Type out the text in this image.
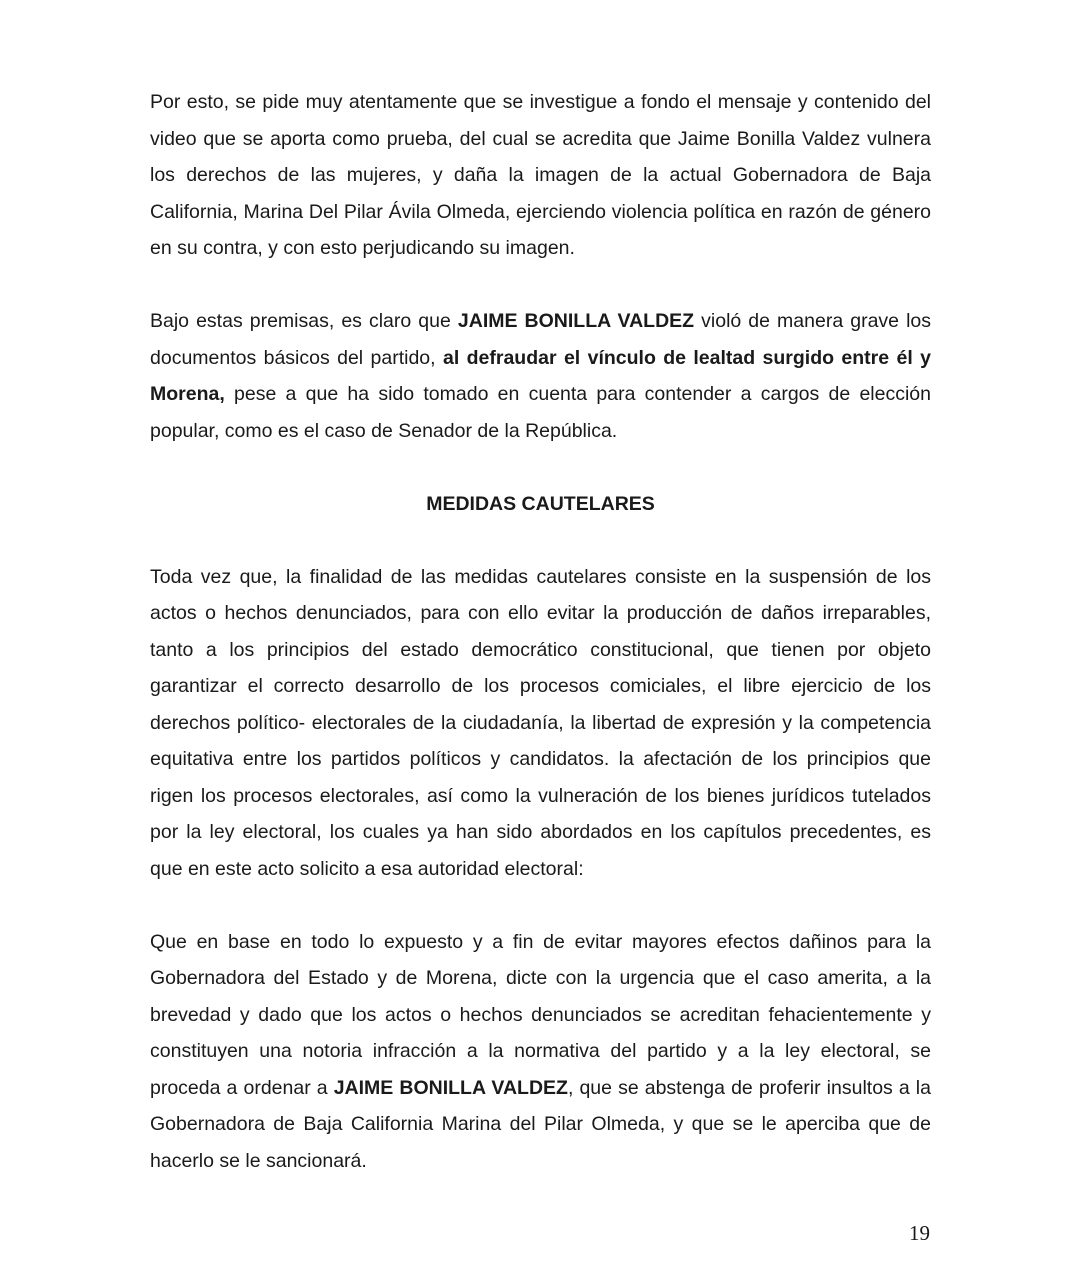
Por esto, se pide muy atentamente que se investigue a fondo el mensaje y contenido del video que se aporta como prueba, del cual se acredita que Jaime Bonilla Valdez vulnera los derechos de las mujeres, y daña la imagen de la actual Gobernadora de Baja California, Marina Del Pilar Ávila Olmeda, ejerciendo violencia política en razón de género en su contra, y con esto perjudicando su imagen.

Bajo estas premisas, es claro que JAIME BONILLA VALDEZ violó de manera grave los documentos básicos del partido, al defraudar el vínculo de lealtad surgido entre él y Morena, pese a que ha sido tomado en cuenta para contender a cargos de elección popular, como es el caso de Senador de la República.

MEDIDAS CAUTELARES

Toda vez que, la finalidad de las medidas cautelares consiste en la suspensión de los actos o hechos denunciados, para con ello evitar la producción de daños irreparables, tanto a los principios del estado democrático constitucional, que tienen por objeto garantizar el correcto desarrollo de los procesos comiciales, el libre ejercicio de los derechos político- electorales de la ciudadanía, la libertad de expresión y la competencia equitativa entre los partidos políticos y candidatos. la afectación de los principios que rigen los procesos electorales, así como la vulneración de los bienes jurídicos tutelados por la ley electoral, los cuales ya han sido abordados en los capítulos precedentes, es que en este acto solicito a esa autoridad electoral:

Que en base en todo lo expuesto y a fin de evitar mayores efectos dañinos para la Gobernadora del Estado y de Morena, dicte con la urgencia que el caso amerita, a la brevedad y dado que los actos o hechos denunciados se acreditan fehacientemente y constituyen una notoria infracción a la normativa del partido y a la ley electoral, se proceda a ordenar a JAIME BONILLA VALDEZ, que se abstenga de proferir insultos a la Gobernadora de Baja California Marina del Pilar Olmeda, y que se le aperciba que de hacerlo se le sancionará.

19
